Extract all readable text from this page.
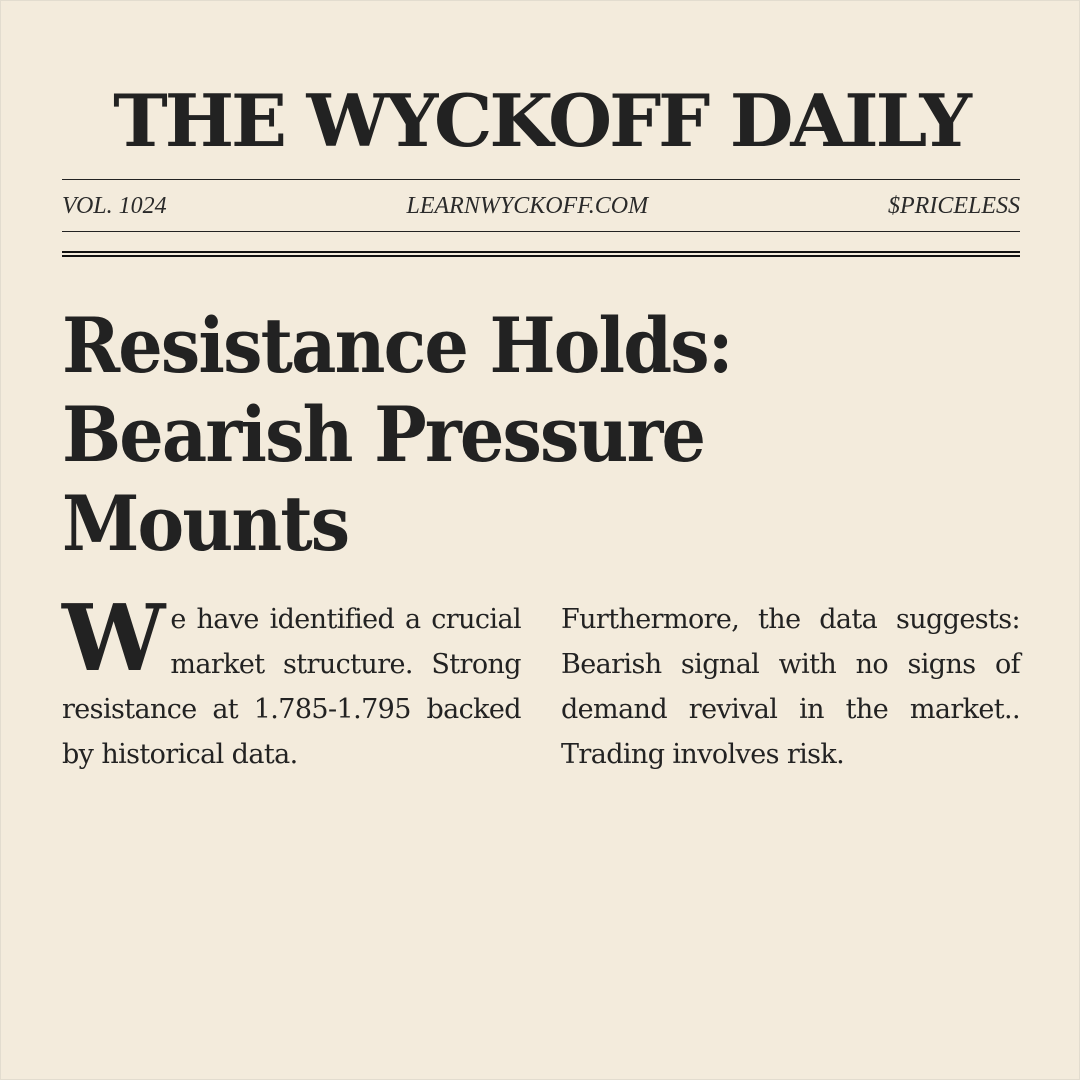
THE WYCKOFF DAILY
VOL. 1024	LEARNWYCKOFF.COM	$PRICELESS
Resistance Holds: Bearish Pressure Mounts

We have identified a crucial market structure. Strong resistance at 1.785-1.795 backed by historical data.

Furthermore, the data suggests: Bearish signal with no signs of demand revival in the market.. Trading involves risk.
